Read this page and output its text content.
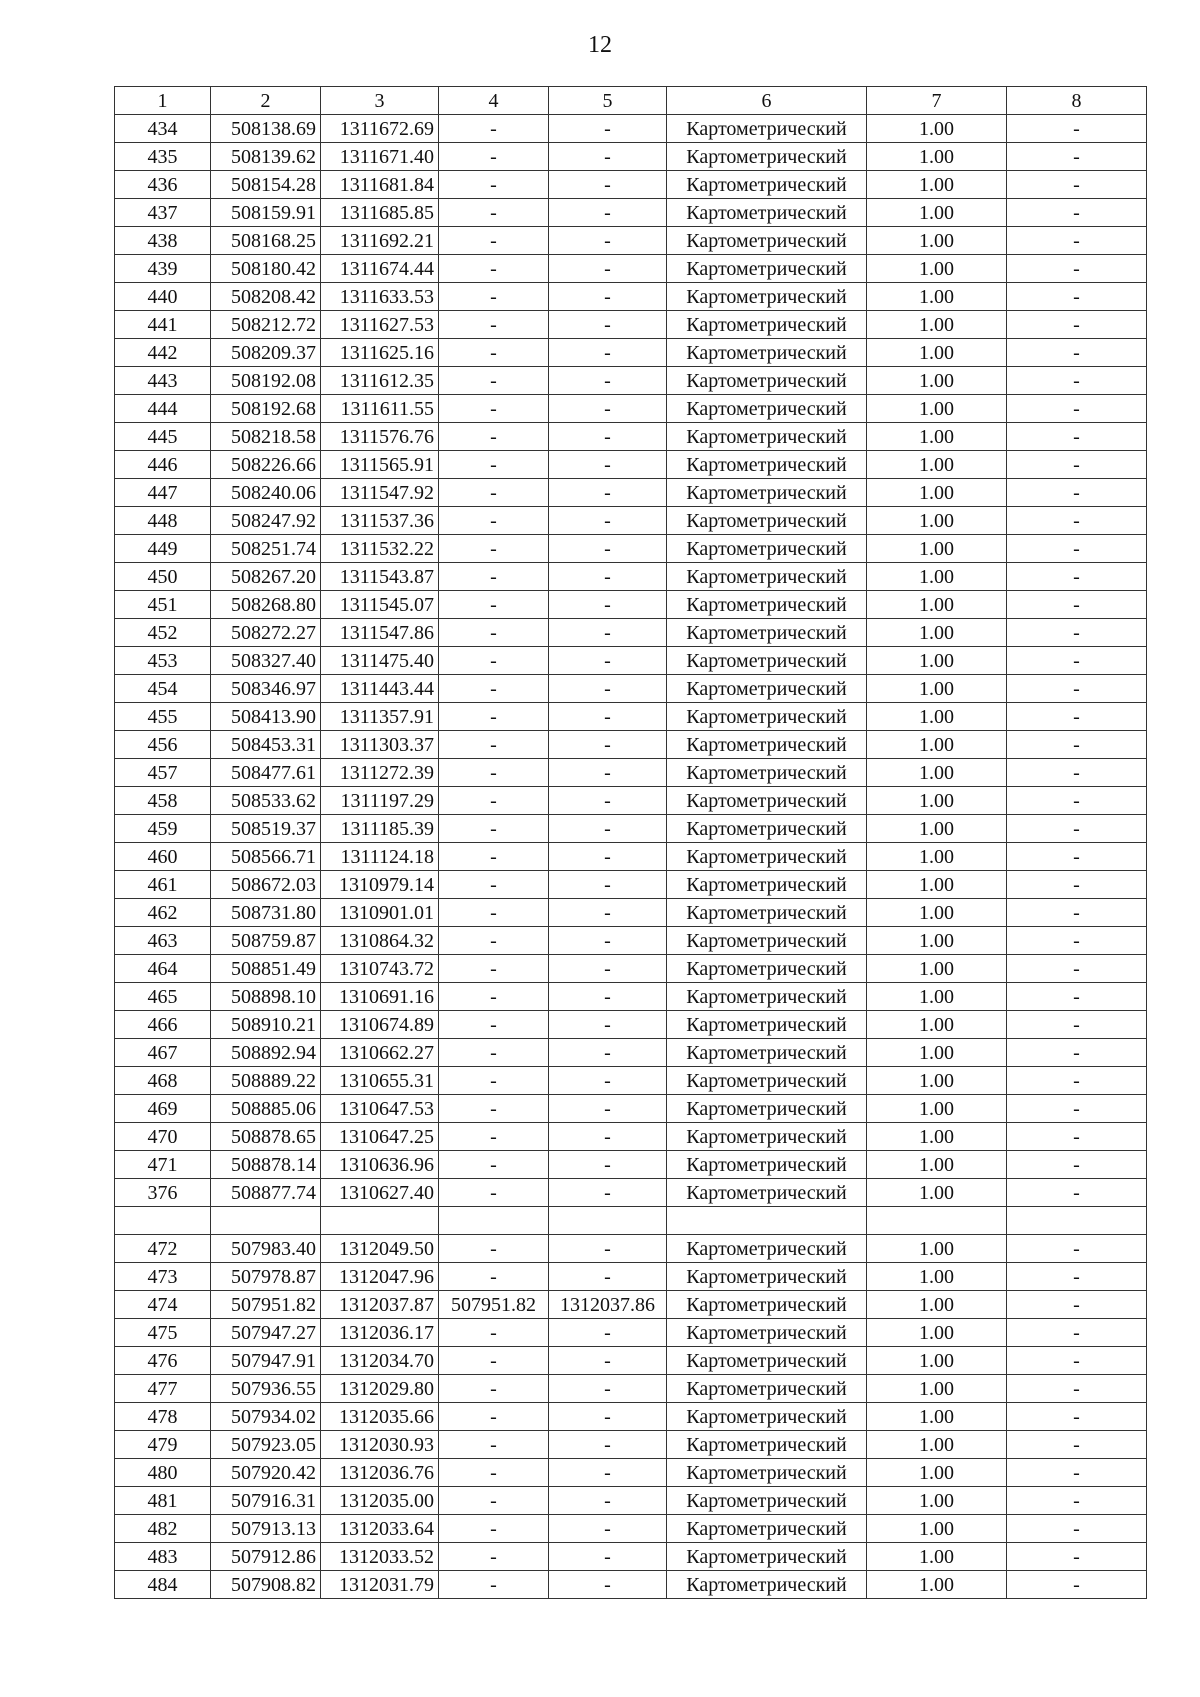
12
1	2	3	4	5	6	7	8
434	508138.69	1311672.69	-	-	Картометрический	1.00	-
435	508139.62	1311671.40	-	-	Картометрический	1.00	-
436	508154.28	1311681.84	-	-	Картометрический	1.00	-
437	508159.91	1311685.85	-	-	Картометрический	1.00	-
438	508168.25	1311692.21	-	-	Картометрический	1.00	-
439	508180.42	1311674.44	-	-	Картометрический	1.00	-
440	508208.42	1311633.53	-	-	Картометрический	1.00	-
441	508212.72	1311627.53	-	-	Картометрический	1.00	-
442	508209.37	1311625.16	-	-	Картометрический	1.00	-
443	508192.08	1311612.35	-	-	Картометрический	1.00	-
444	508192.68	1311611.55	-	-	Картометрический	1.00	-
445	508218.58	1311576.76	-	-	Картометрический	1.00	-
446	508226.66	1311565.91	-	-	Картометрический	1.00	-
447	508240.06	1311547.92	-	-	Картометрический	1.00	-
448	508247.92	1311537.36	-	-	Картометрический	1.00	-
449	508251.74	1311532.22	-	-	Картометрический	1.00	-
450	508267.20	1311543.87	-	-	Картометрический	1.00	-
451	508268.80	1311545.07	-	-	Картометрический	1.00	-
452	508272.27	1311547.86	-	-	Картометрический	1.00	-
453	508327.40	1311475.40	-	-	Картометрический	1.00	-
454	508346.97	1311443.44	-	-	Картометрический	1.00	-
455	508413.90	1311357.91	-	-	Картометрический	1.00	-
456	508453.31	1311303.37	-	-	Картометрический	1.00	-
457	508477.61	1311272.39	-	-	Картометрический	1.00	-
458	508533.62	1311197.29	-	-	Картометрический	1.00	-
459	508519.37	1311185.39	-	-	Картометрический	1.00	-
460	508566.71	1311124.18	-	-	Картометрический	1.00	-
461	508672.03	1310979.14	-	-	Картометрический	1.00	-
462	508731.80	1310901.01	-	-	Картометрический	1.00	-
463	508759.87	1310864.32	-	-	Картометрический	1.00	-
464	508851.49	1310743.72	-	-	Картометрический	1.00	-
465	508898.10	1310691.16	-	-	Картометрический	1.00	-
466	508910.21	1310674.89	-	-	Картометрический	1.00	-
467	508892.94	1310662.27	-	-	Картометрический	1.00	-
468	508889.22	1310655.31	-	-	Картометрический	1.00	-
469	508885.06	1310647.53	-	-	Картометрический	1.00	-
470	508878.65	1310647.25	-	-	Картометрический	1.00	-
471	508878.14	1310636.96	-	-	Картометрический	1.00	-
376	508877.74	1310627.40	-	-	Картометрический	1.00	-

472	507983.40	1312049.50	-	-	Картометрический	1.00	-
473	507978.87	1312047.96	-	-	Картометрический	1.00	-
474	507951.82	1312037.87	507951.82	1312037.86	Картометрический	1.00	-
475	507947.27	1312036.17	-	-	Картометрический	1.00	-
476	507947.91	1312034.70	-	-	Картометрический	1.00	-
477	507936.55	1312029.80	-	-	Картометрический	1.00	-
478	507934.02	1312035.66	-	-	Картометрический	1.00	-
479	507923.05	1312030.93	-	-	Картометрический	1.00	-
480	507920.42	1312036.76	-	-	Картометрический	1.00	-
481	507916.31	1312035.00	-	-	Картометрический	1.00	-
482	507913.13	1312033.64	-	-	Картометрический	1.00	-
483	507912.86	1312033.52	-	-	Картометрический	1.00	-
484	507908.82	1312031.79	-	-	Картометрический	1.00	-
